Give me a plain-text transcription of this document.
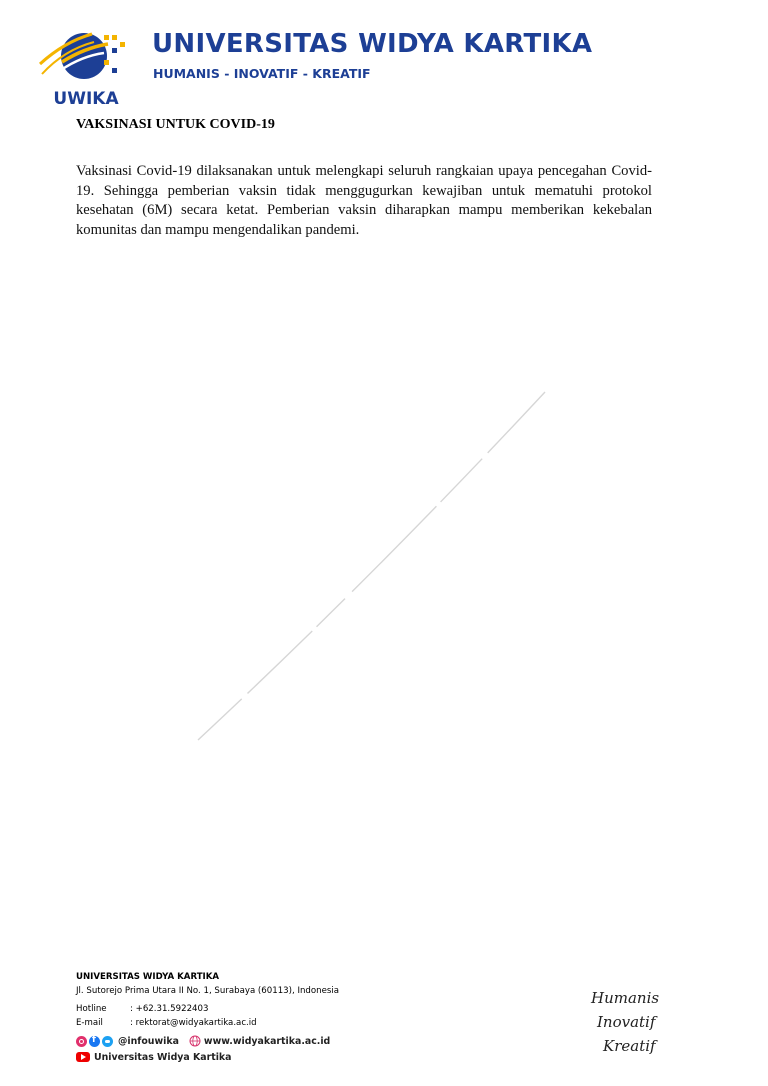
UWIKA
UNIVERSITAS WIDYA KARTIKA
HUMANIS - INOVATIF - KREATIF
VAKSINASI UNTUK COVID-19

Vaksinasi Covid-19 dilaksanakan untuk melengkapi seluruh rangkaian upaya pencegahan Covid-19. Sehingga pemberian vaksin tidak menggugurkan kewajiban untuk mematuhi protokol kesehatan (6M) secara ketat. Pemberian vaksin diharapkan mampu memberikan kekebalan komunitas dan mampu mengendalikan pandemi.

UNIVERSITAS WIDYA KARTIKA
Jl. Sutorejo Prima Utara II No. 1, Surabaya (60113), Indonesia
Hotline	: +62.31.5922403
E-mail	: rektorat@widyakartika.ac.id
f
@infouwika	www.widyakartika.ac.id
Universitas Widya Kartika
Humanis
Inovatif
Kreatif
